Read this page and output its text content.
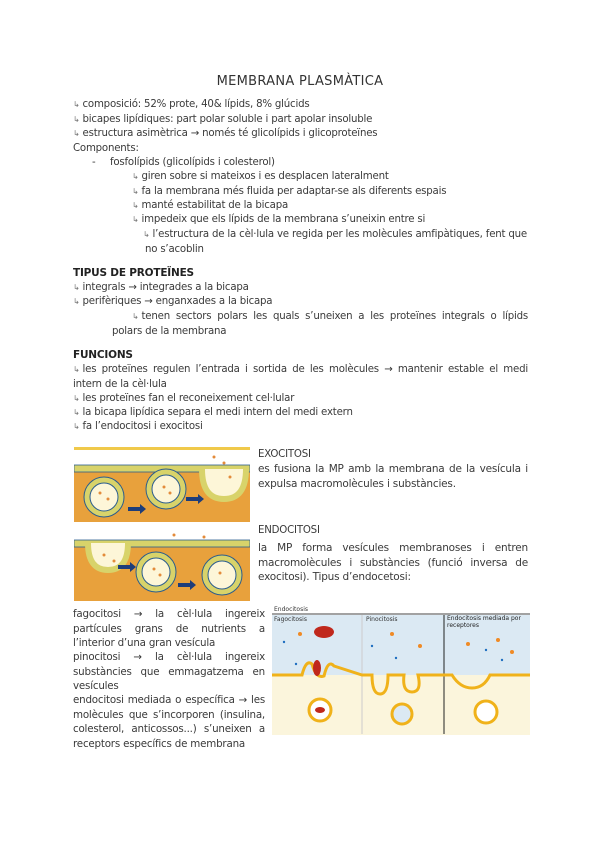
MEMBRANA PLASMÀTICA
↳ composició: 52% prote, 40& lípids, 8% glúcids
↳ bicapes lipídiques: part polar soluble i part apolar insoluble
↳ estructura asimètrica → només té glicolípids i glicoproteïnes
Components:
- fosfolípids (glicolípids i colesterol)
↳ giren sobre si mateixos i es desplacen lateralment
↳ fa la membrana més fluida per adaptar-se als diferents espais
↳ manté estabilitat de la bicapa
↳ impedeix que els lípids de la membrana s’uneixin entre si
↳ l’estructura de la cèl·lula ve regida per les molècules amfipàtiques, fent que no s’acoblin
TIPUS DE PROTEÏNES
↳ integrals → integrades a la bicapa
↳ perifèriques → enganxades a la bicapa
↳ tenen sectors polars les quals s’uneixen a les proteïnes integrals o lípids polars de la membrana
FUNCIONS
↳ les proteïnes regulen l’entrada i sortida de les molècules → mantenir estable el medi intern de la cèl·lula
↳ les proteïnes fan el reconeixement cel·lular
↳ la bicapa lipídica separa el medi intern del medi extern
↳ fa l’endocitosi i exocitosi
EXOCITOSI
es fusiona la MP amb la membrana de la vesícula i expulsa macromolècules i substàncies.
ENDOCITOSI
la MP forma vesícules membranoses i entren macromolècules i substàncies (funció inversa de exocitosi). Tipus d’endocetosi:
fagocitosi → la cèl·lula ingereix partícules grans de nutrients a l’interior d’una gran vesícula
pinocitosi → la cèl·lula ingereix substàncies que emmagatzema en vesícules
endocitosi mediada o específica → les molècules que s’incorporen (insulina, colesterol, anticossos...) s’uneixen a receptors específics de membrana
Endocitosis
Fagocitosis	Pinocitosis	Endocitosis mediada por receptores
